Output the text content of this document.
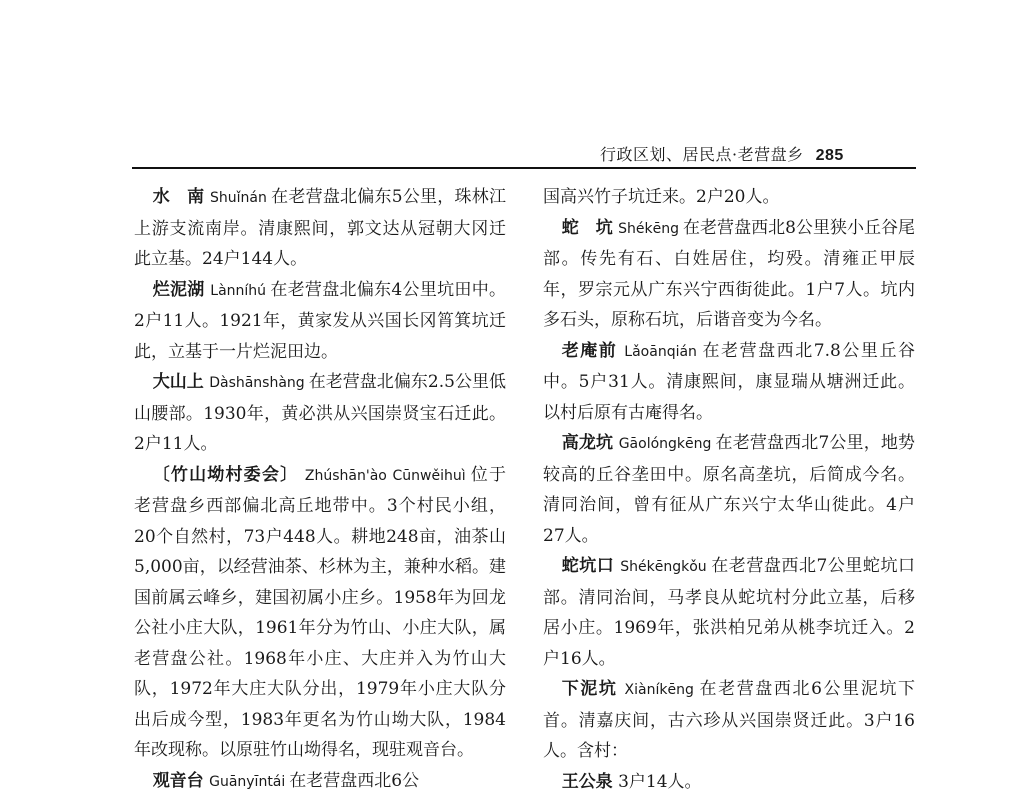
行政区划、居民点·老营盘乡 285

水　南 Shuǐnán 在老营盘北偏东5公里，珠林江上游支流南岸。清康熙间，郭文达从冠朝大冈迁此立基。24户144人。

烂泥湖 Lànníhú 在老营盘北偏东4公里坑田中。2户11人。1921年，黄家发从兴国长冈筲箕坑迁此，立基于一片烂泥田边。

大山上 Dàshānshàng 在老营盘北偏东2.5公里低山腰部。1930年，黄必洪从兴国崇贤宝石迁此。2户11人。

〔竹山坳村委会〕 Zhúshān'ào Cūnwěihuì 位于老营盘乡西部偏北高丘地带中。3个村民小组，20个自然村，73户448人。耕地248亩，油茶山5,000亩，以经营油茶、杉林为主，兼种水稻。建国前属云峰乡，建国初属小庄乡。1958年为回龙公社小庄大队，1961年分为竹山、小庄大队，属老营盘公社。1968年小庄、大庄并入为竹山大队，1972年大庄大队分出，1979年小庄大队分出后成今型，1983年更名为竹山坳大队，1984年改现称。以原驻竹山坳得名，现驻观音台。

观音台 Guānyīntái 在老营盘西北6公

国高兴竹子坑迁来。2户20人。

蛇　坑 Shékēng 在老营盘西北8公里狭小丘谷尾部。传先有石、白姓居住，均殁。清雍正甲辰年，罗宗元从广东兴宁西街徙此。1户7人。坑内多石头，原称石坑，后谐音变为今名。

老庵前 Lǎoānqián 在老营盘西北7.8公里丘谷中。5户31人。清康熙间，康显瑞从塘洲迁此。以村后原有古庵得名。

高龙坑 Gāolóngkēng 在老营盘西北7公里，地势较高的丘谷垄田中。原名高垄坑，后简成今名。清同治间，曾有征从广东兴宁太华山徙此。4户27人。

蛇坑口 Shékēngkǒu 在老营盘西北7公里蛇坑口部。清同治间，马孝良从蛇坑村分此立基，后移居小庄。1969年，张洪柏兄弟从桃李坑迁入。2户16人。

下泥坑 Xiàníkēng 在老营盘西北6公里泥坑下首。清嘉庆间，古六珍从兴国崇贤迁此。3户16人。含村：

王公泉 3户14人。
